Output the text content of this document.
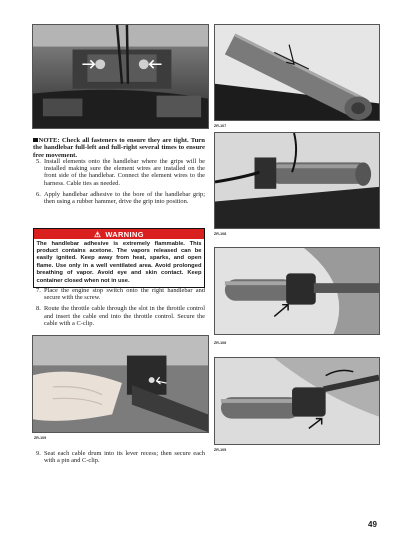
ZJ0111	ZR-107
NOTE: Check all fasteners to ensure they are tight. Turn the handlebar full-left and full-right several times to ensure free movement.
5. Install elements onto the handlebar where the grips will be installed making sure the element wires are installed on the front side of the handlebar. Connect the element wires to the harness. Cable ties as needed.
6. Apply handlebar adhesive to the bore of the handlebar grip; then using a rubber hammer, drive the grip into position.
⚠ WARNING
The handlebar adhesive is extremely flammable. This product contains acetone. The vapors released can be easily ignited. Keep away from heat, sparks, and open flame. Use only in a well ventilated area. Avoid prolonged breathing of vapor. Avoid eye and skin contact. Keep container closed when not in use.
7. Place the engine stop switch onto the right handlebar and secure with the screw.
8. Route the throttle cable through the slot in the throttle control and insert the cable end into the throttle control. Secure the cable with a C-clip.
ZR-108
ZR-109
ZR-106
ZR-105
9. Seat each cable drum into its lever recess; then secure each with a pin and C-clip.
49
